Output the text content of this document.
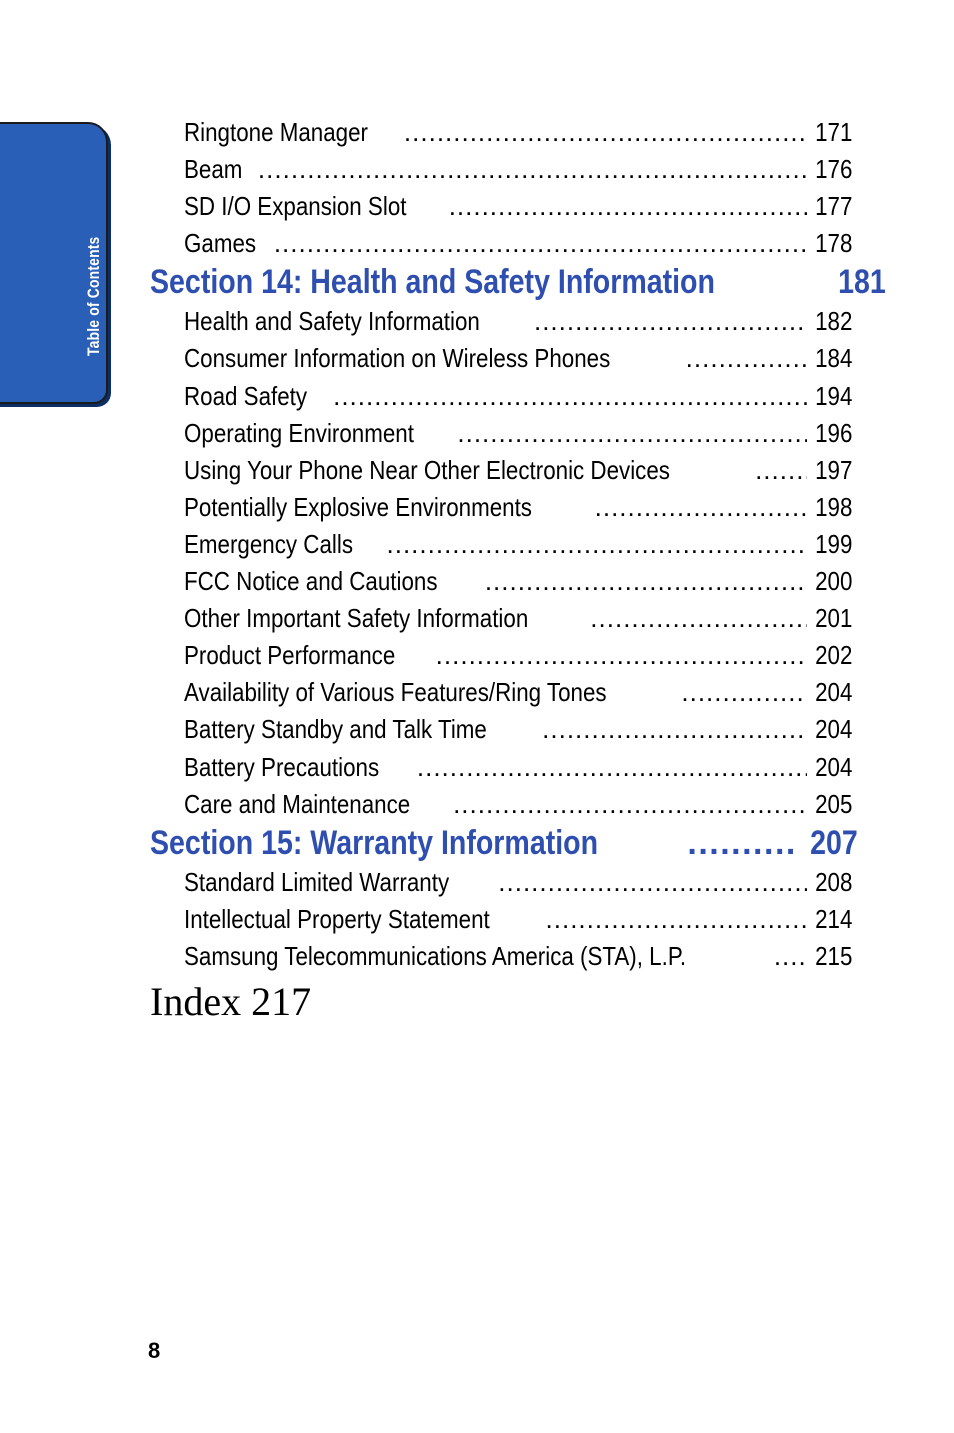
Table of Contents
Ringtone Manager .....	171
Beam .....	176
SD I/O Expansion Slot .....	177
Games .....	178
Section 14: Health and Safety Information	181
Health and Safety Information .....	182
Consumer Information on Wireless Phones .....	184
Road Safety .....	194
Operating Environment .....	196
Using Your Phone Near Other Electronic Devices .....	197
Potentially Explosive Environments .....	198
Emergency Calls .....	199
FCC Notice and Cautions .....	200
Other Important Safety Information .....	201
Product Performance .....	202
Availability of Various Features/Ring Tones .....	204
Battery Standby and Talk Time .....	204
Battery Precautions .....	204
Care and Maintenance .....	205
Section 15: Warranty Information .....	207
Standard Limited Warranty .....	208
Intellectual Property Statement .....	214
Samsung Telecommunications America (STA), L.P. .....	215
Index 217
8
